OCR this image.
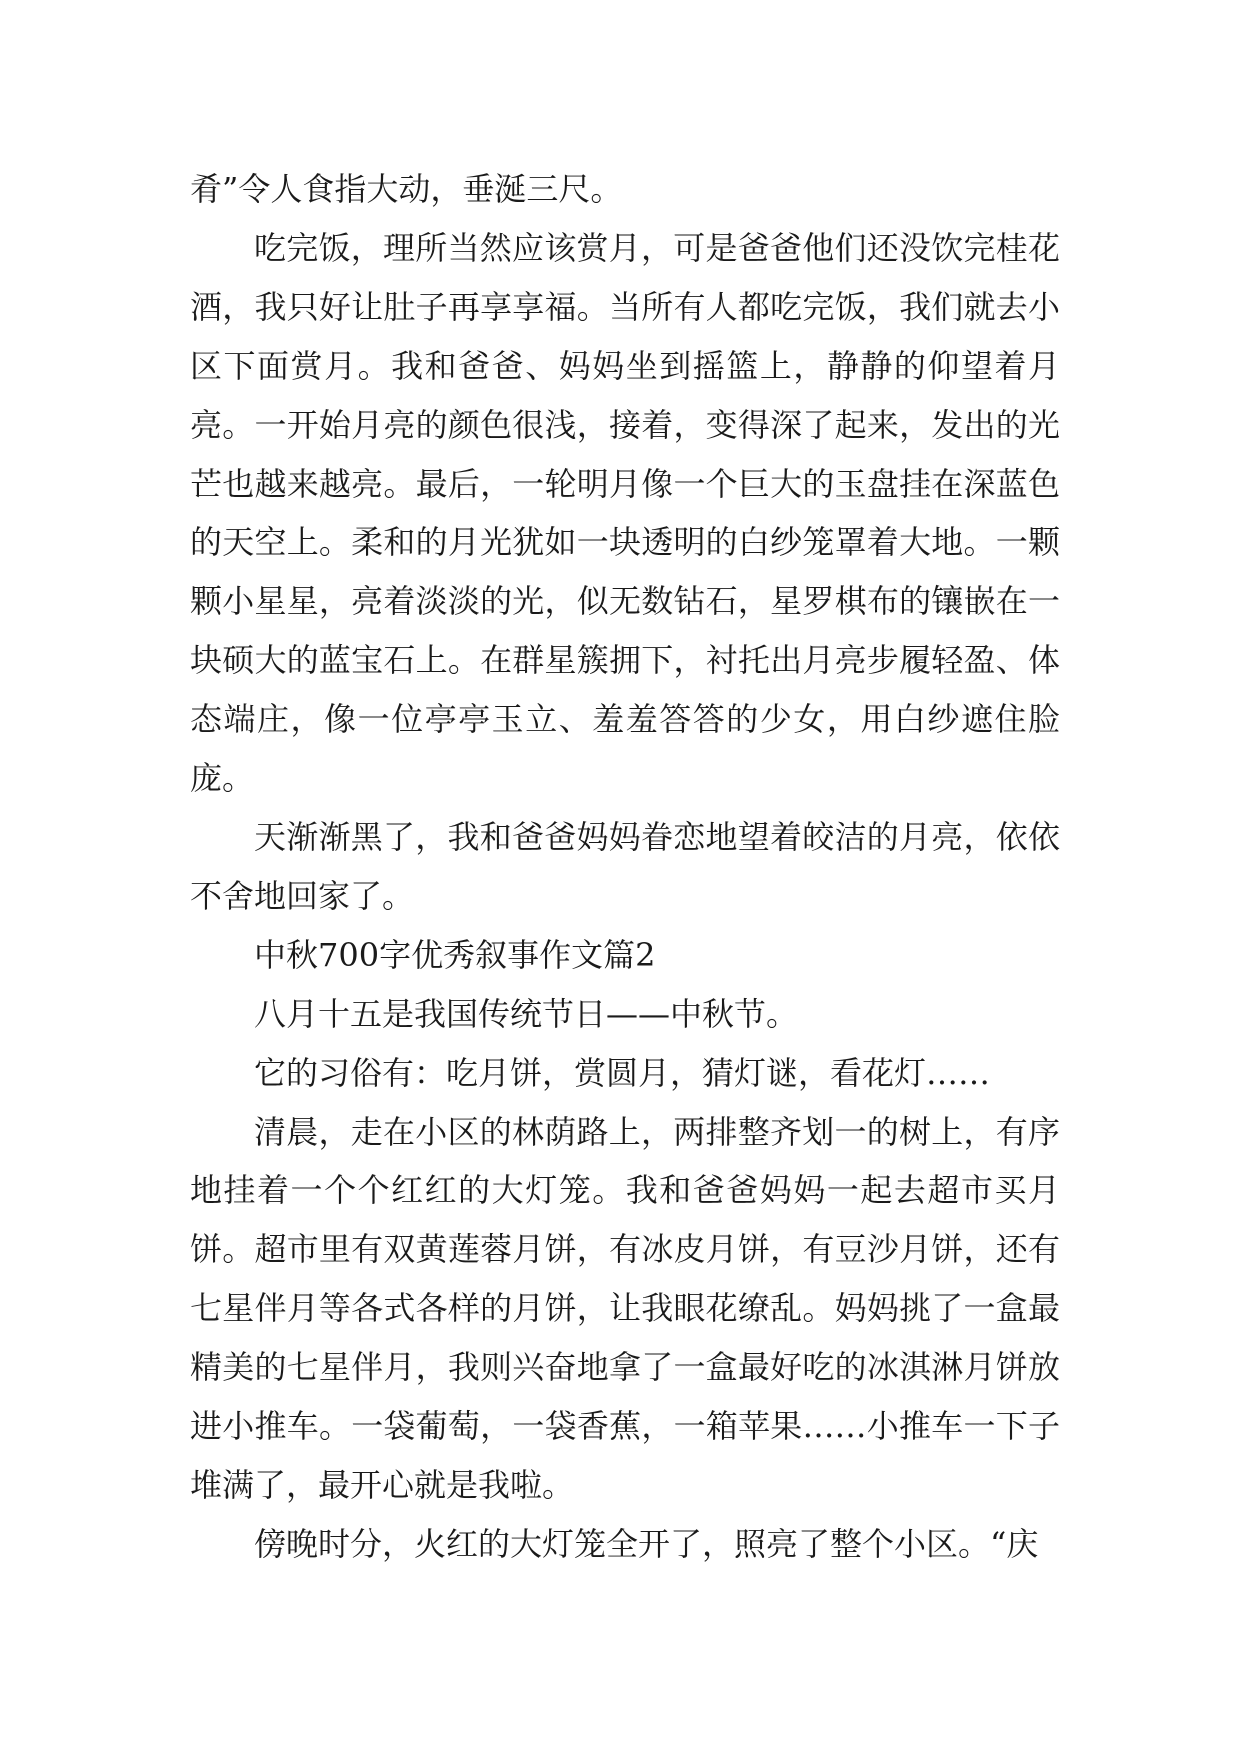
肴”令人食指大动，垂涎三尺。

吃完饭，理所当然应该赏月，可是爸爸他们还没饮完桂花酒，我只好让肚子再享享福。当所有人都吃完饭，我们就去小区下面赏月。我和爸爸、妈妈坐到摇篮上，静静的仰望着月亮。一开始月亮的颜色很浅，接着，变得深了起来，发出的光芒也越来越亮。最后，一轮明月像一个巨大的玉盘挂在深蓝色的天空上。柔和的月光犹如一块透明的白纱笼罩着大地。一颗颗小星星，亮着淡淡的光，似无数钻石，星罗棋布的镶嵌在一块硕大的蓝宝石上。在群星簇拥下，衬托出月亮步履轻盈、体态端庄，像一位亭亭玉立、羞羞答答的少女，用白纱遮住脸庞。

天渐渐黑了，我和爸爸妈妈眷恋地望着皎洁的月亮，依依不舍地回家了。

中秋700字优秀叙事作文篇2

八月十五是我国传统节日——中秋节。

它的习俗有：吃月饼，赏圆月，猜灯谜，看花灯……

清晨，走在小区的林荫路上，两排整齐划一的树上，有序地挂着一个个红红的大灯笼。我和爸爸妈妈一起去超市买月饼。超市里有双黄莲蓉月饼，有冰皮月饼，有豆沙月饼，还有七星伴月等各式各样的月饼，让我眼花缭乱。妈妈挑了一盒最精美的七星伴月，我则兴奋地拿了一盒最好吃的冰淇淋月饼放进小推车。一袋葡萄，一袋香蕉，一箱苹果……小推车一下子堆满了，最开心就是我啦。

傍晚时分，火红的大灯笼全开了，照亮了整个小区。“庆
